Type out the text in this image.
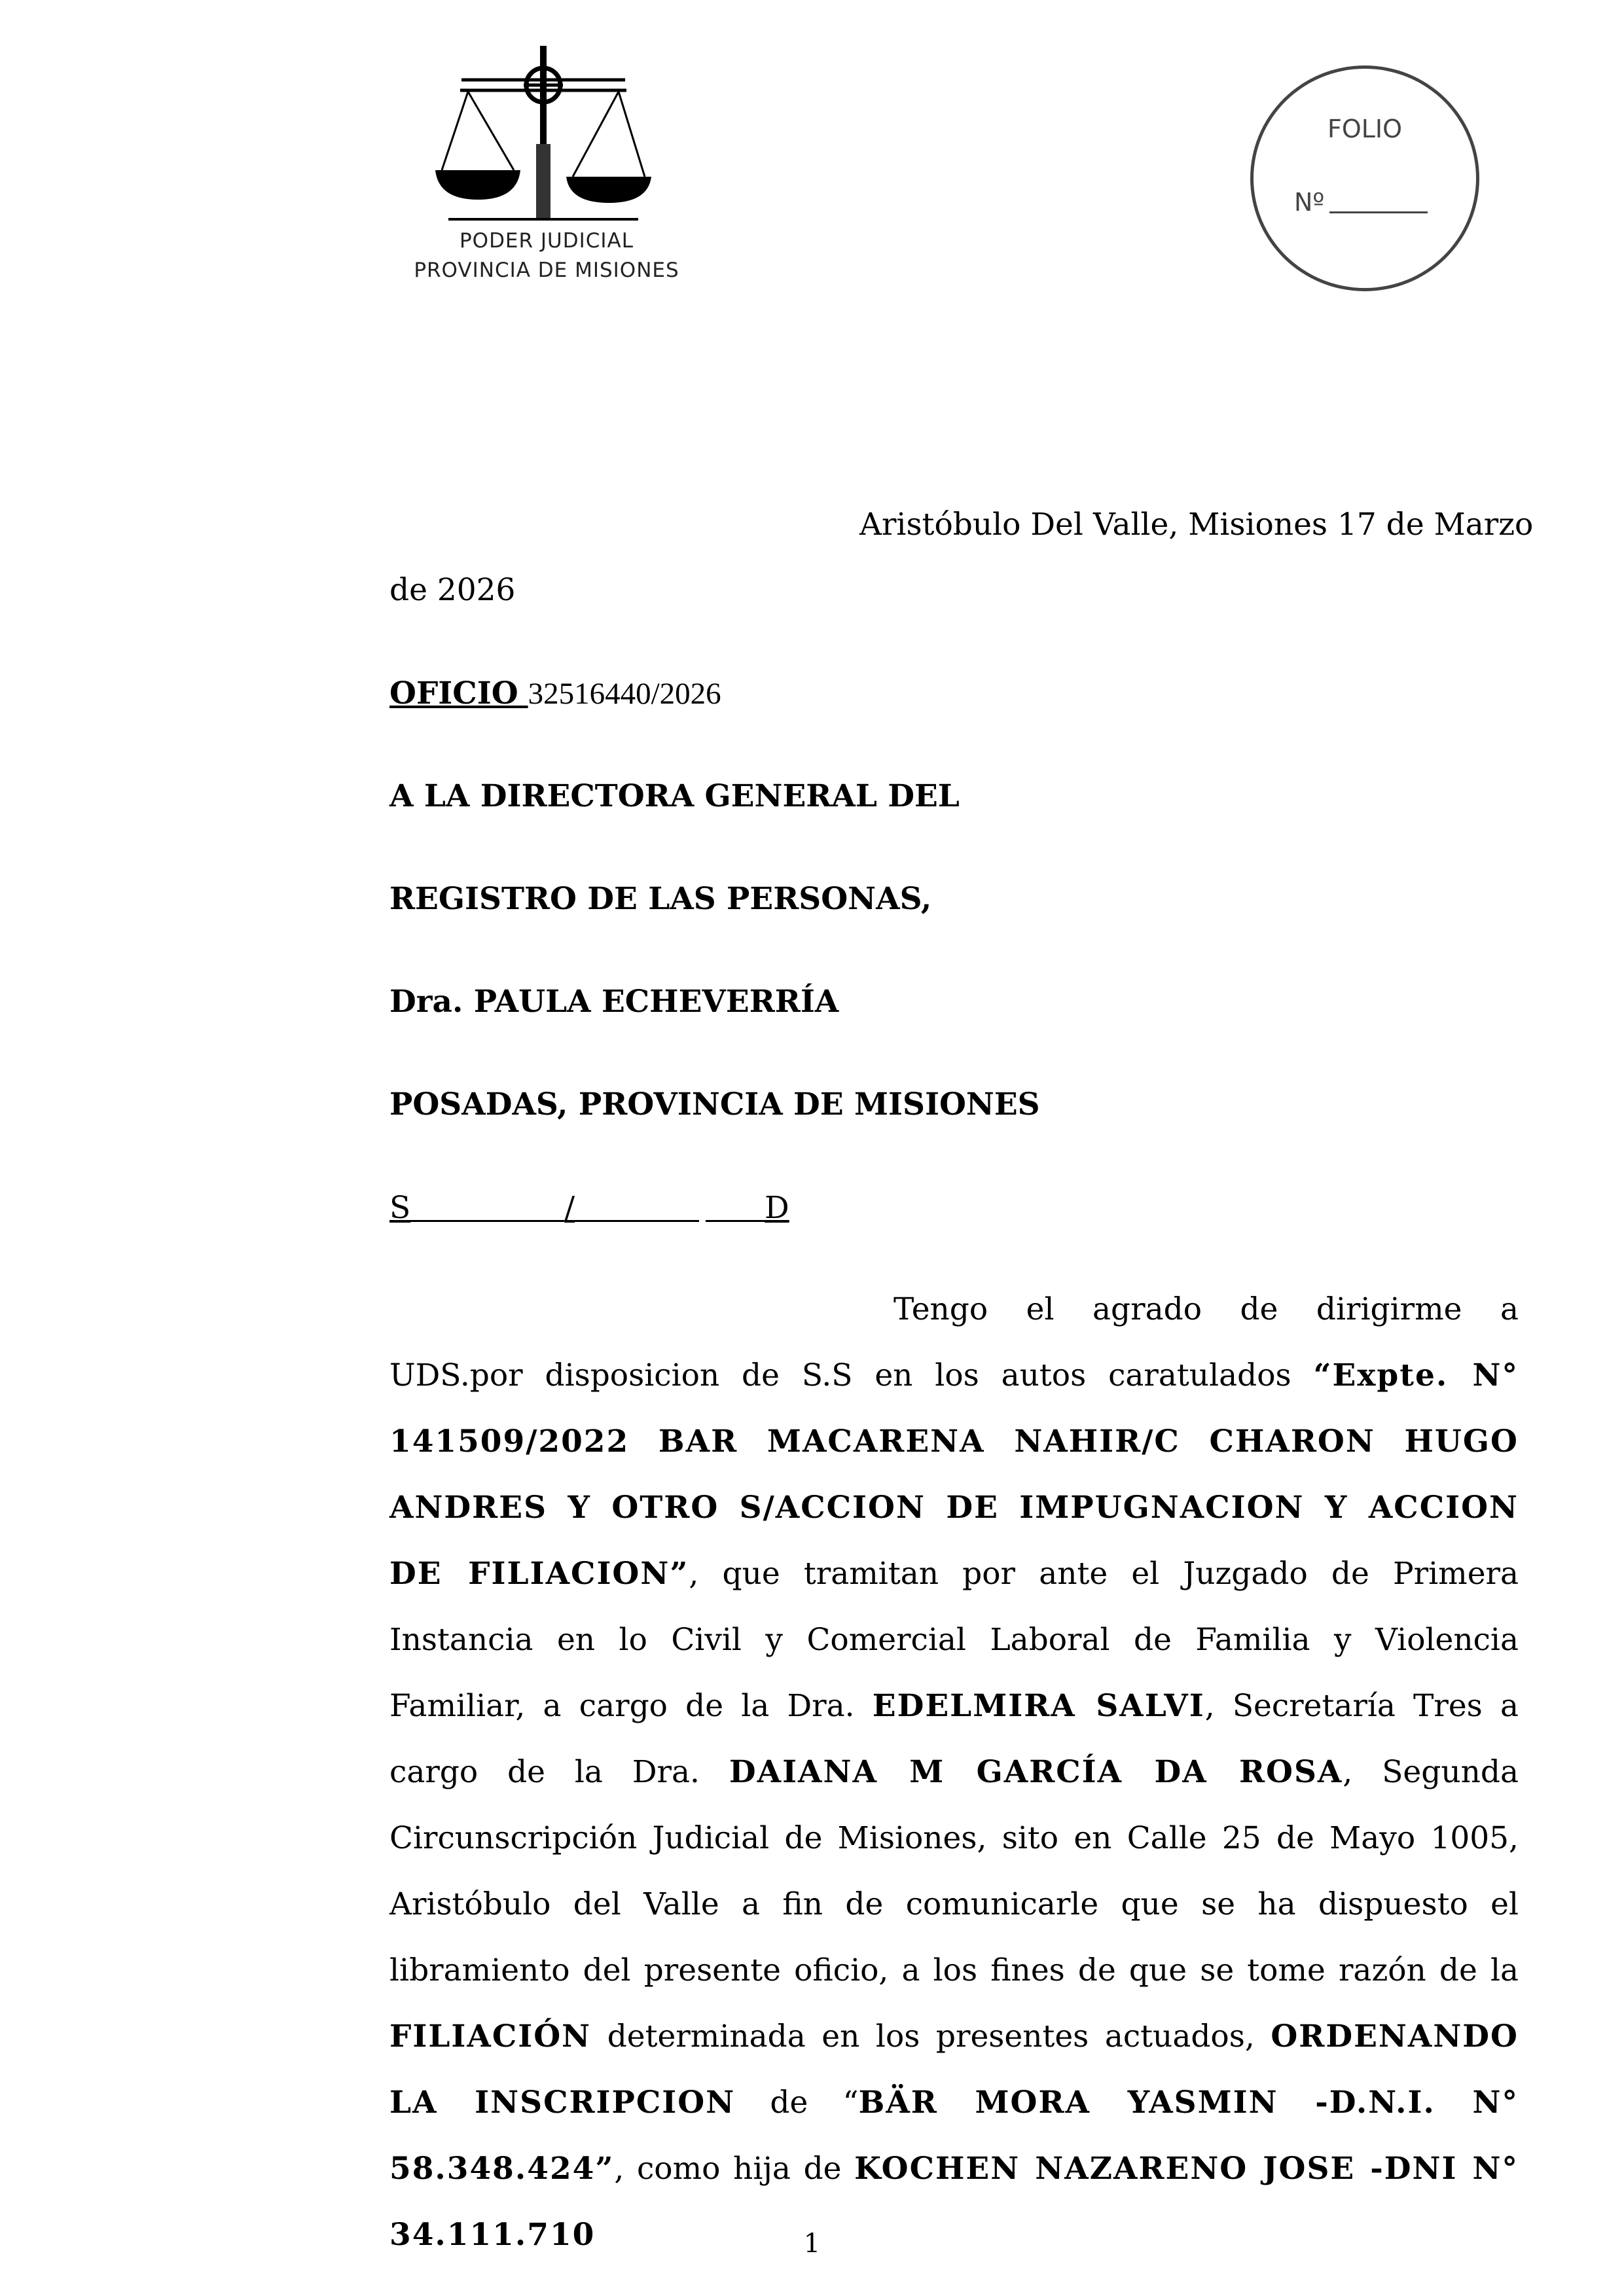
PODER JUDICIAL
PROVINCIA DE MISIONES
FOLIO
Nº
Aristóbulo Del Valle, Misiones 17 de Marzo
de 2026
OFICIO 32516440/2026
A LA DIRECTORA GENERAL DEL
REGISTRO DE LAS PERSONAS,
Dra. PAULA ECHEVERRÍA
POSADAS, PROVINCIA DE MISIONES
S	/	D
Tengo el agrado de dirigirme a UDS.por disposicion de S.S en los autos caratulados “Expte. N° 141509/2022 BAR MACARENA NAHIR/C CHARON HUGO ANDRES Y OTRO S/ACCION DE IMPUGNACION Y ACCION DE FILIACION”, que tramitan por ante el Juzgado de Primera Instancia en lo Civil y Comercial Laboral de Familia y Violencia Familiar, a cargo de la Dra. EDELMIRA SALVI, Secretaría Tres a cargo de la Dra. DAIANA M GARCÍA DA ROSA, Segunda Circunscripción Judicial de Misiones, sito en Calle 25 de Mayo 1005, Aristóbulo del Valle a fin de comunicarle que se ha dispuesto el libramiento del presente oficio, a los fines de que se tome razón de la FILIACIÓN determinada en los presentes actuados, ORDENANDO LA INSCRIPCION de “BÄR MORA YASMIN -D.N.I. N° 58.348.424”, como hija de KOCHEN NAZARENO JOSE -DNI N° 34.111.710	1
